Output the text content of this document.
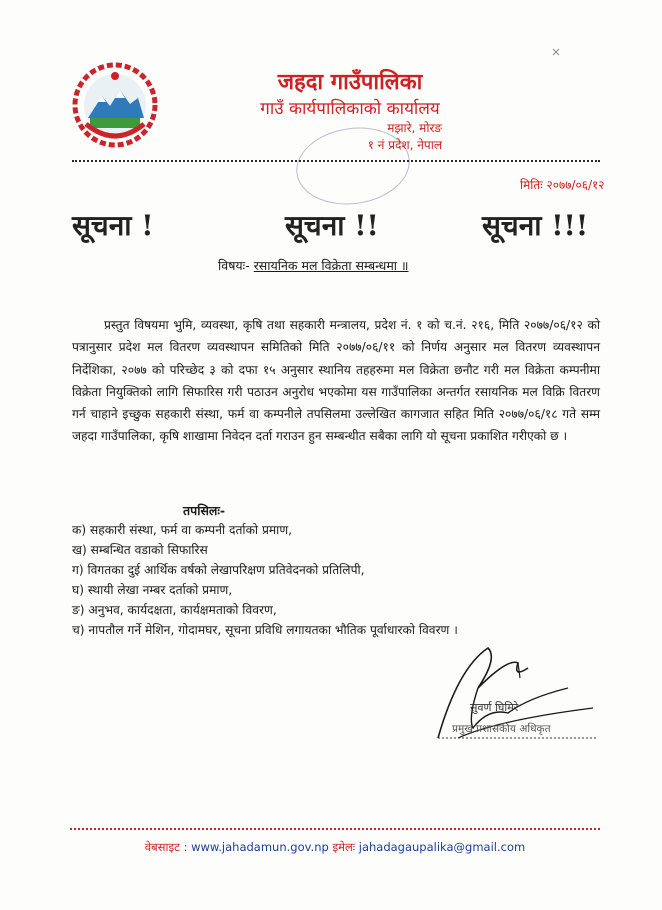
जहदा गाउँपालिका
गाउँ कार्यपालिकाको कार्यालय
मझारे, मोरङ
१ नं प्रदेश, नेपाल
मितिः २०७७/०६/१२
सूचना !	सूचना !!	सूचना !!!
विषयः- रसायनिक मल विक्रेता सम्बन्धमा ॥

प्रस्तुत विषयमा भुमि, व्यवस्था, कृषि तथा सहकारी मन्त्रालय, प्रदेश नं. १ को च.नं. २१६, मिति २०७७/०६/१२ को पत्रानुसार प्रदेश मल वितरण व्यवस्थापन समितिको मिति २०७७/०६/११ को निर्णय अनुसार मल वितरण व्यवस्थापन निर्देशिका, २०७७ को परिच्छेद ३ को दफा १५ अनुसार स्थानिय तहहरुमा मल विक्रेता छनौट गरी मल विक्रेता कम्पनीमा विक्रेता नियुक्तिको लागि सिफारिस गरी पठाउन अनुरोध भएकोमा यस गाउँपालिका अन्तर्गत रसायनिक मल विक्रि वितरण गर्न चाहाने इच्छुक सहकारी संस्था, फर्म वा कम्पनीले तपसिलमा उल्लेखित कागजात सहित मिति २०७७/०६/१८ गते सम्म जहदा गाउँपालिका, कृषि शाखामा निवेदन दर्ता गराउन हुन सम्बन्धीत सबैका लागि यो सूचना प्रकाशित गरीएको छ ।

तपसिलः-
क) सहकारी संस्था, फर्म वा कम्पनी दर्ताको प्रमाण,
ख) सम्बन्धित वडाको सिफारिस
ग) विगतका दुई आर्थिक वर्षको लेखापरिक्षण प्रतिवेदनको प्रतिलिपी,
घ) स्थायी लेखा नम्बर दर्ताको प्रमाण,
ङ) अनुभव, कार्यदक्षता, कार्यक्षमताको विवरण,
च) नापतौल गर्ने मेशिन, गोदामघर, सूचना प्रविधि लगायतका भौतिक पूर्वाधारको विवरण ।
सुवर्ण घिमिरे
प्रमुख प्रशासकीय अधिकृत
वेबसाइट : www.jahadamun.gov.np इमेलः jahadagaupalika@gmail.com
